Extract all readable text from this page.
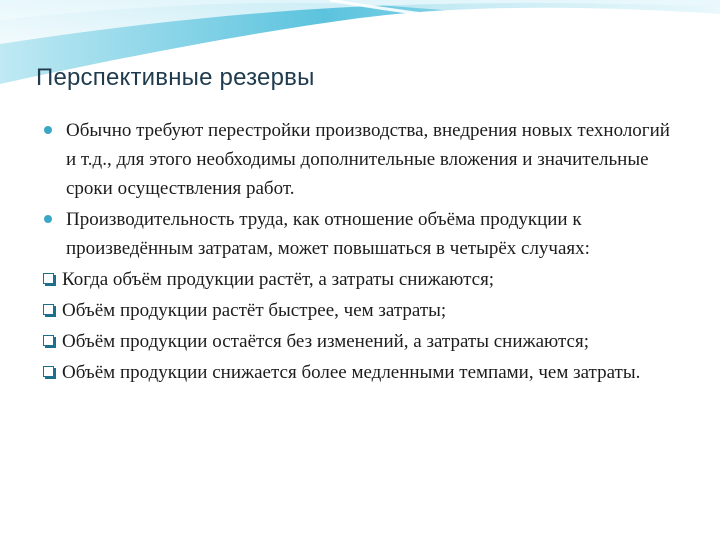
Перспективные резервы
Обычно требуют перестройки производства, внедрения новых технологий и т.д., для этого необходимы дополнительные вложения и значительные сроки осуществления работ.
Производительность труда, как отношение объёма продукции к произведённым затратам, может повышаться в четырёх случаях:
Когда объём продукции растёт, а затраты снижаются;
Объём продукции растёт быстрее, чем затраты;
Объём продукции остаётся без изменений, а затраты снижаются;
Объём продукции снижается более медленными темпами, чем затраты.
